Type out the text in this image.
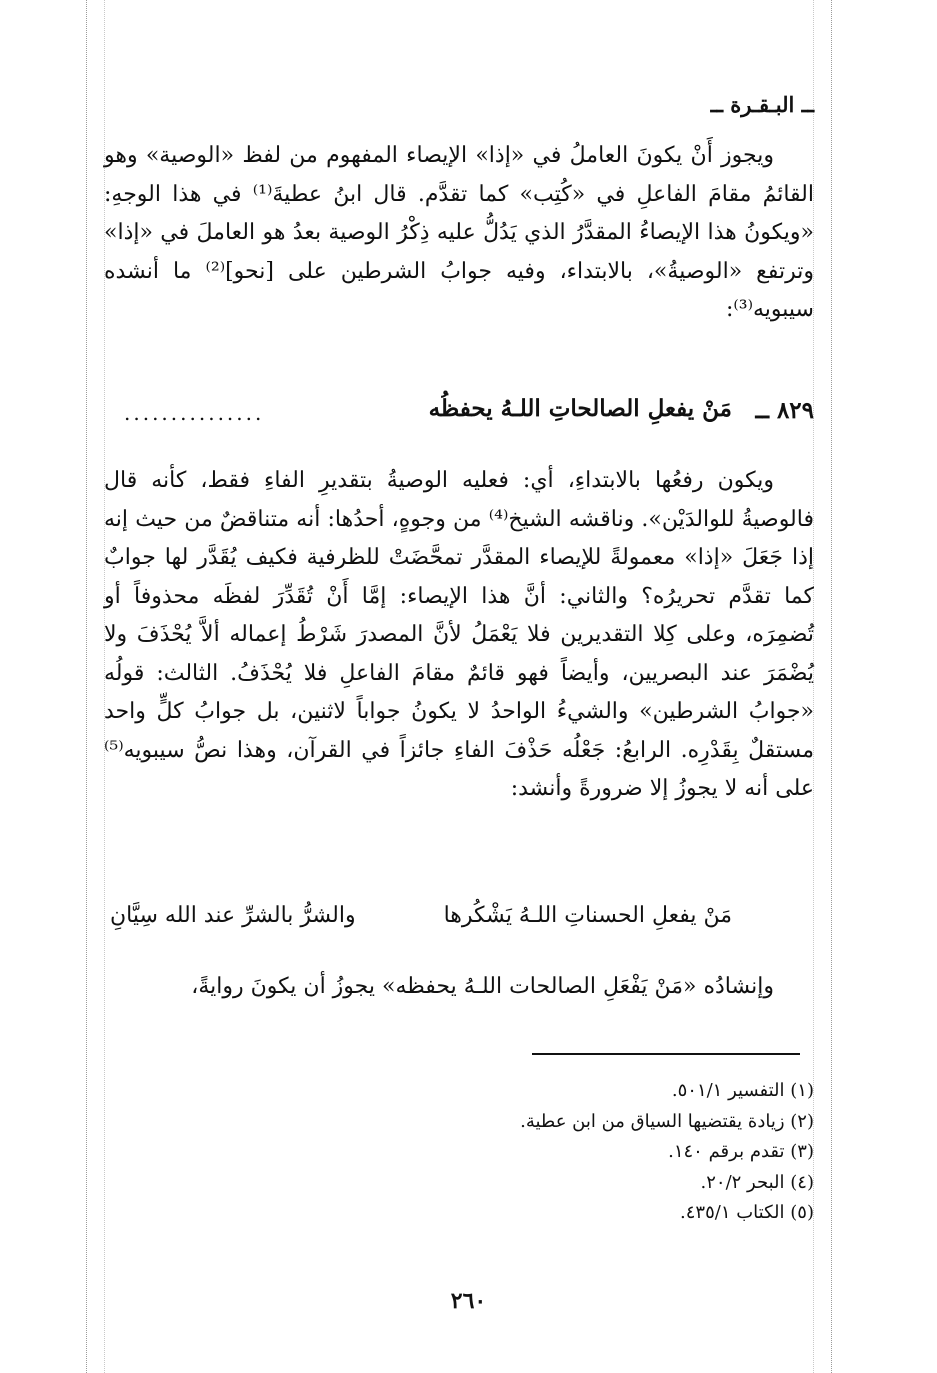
ــ البـقـرة ــ

ويجوز أَنْ يكونَ العاملُ في «إذا» الإيصاء المفهوم من لفظ «الوصية» وهو القائمُ مقامَ الفاعلِ في «كُتِب» كما تقدَّم. قال ابنُ عطيةَ⁽¹⁾ في هذا الوجهِ: «ويكونُ هذا الإيصاءُ المقدَّرُ الذي يَدُلُّ عليه ذِكْرُ الوصية بعدُ هو العاملَ في «إذا» وترتفع «الوصيةُ»، بالابتداء، وفيه جوابُ الشرطين على [نحو]⁽²⁾ ما أنشده سيبويه⁽³⁾:

٨٢٩ ــ
مَنْ يفعلِ الصالحاتِ اللـهُ يحفظُه
...............

ويكون رفعُها بالابتداءِ، أي: فعليه الوصيةُ بتقديرِ الفاءِ فقط، كأنه قال فالوصيةُ للوالدَيْن». وناقشه الشيخ⁽⁴⁾ من وجوهٍ، أحدُها: أنه متناقضٌ من حيث إنه إذا جَعَلَ «إذا» معمولةً للإيصاء المقدَّر تمحَّضَتْ للظرفية فكيف يُقَدَّر لها جوابٌ كما تقدَّم تحريرُه؟ والثاني: أنَّ هذا الإيصاء: إمَّا أَنْ تُقَدِّرَ لفظَه محذوفاً أو تُضمِرَه، وعلى كِلا التقديرين فلا يَعْمَلُ لأنَّ المصدرَ شَرْطُ إعماله ألاَّ يُحْذَفَ ولا يُضْمَرَ عند البصريين، وأيضاً فهو قائمٌ مقامَ الفاعلِ فلا يُحْذَفُ. الثالث: قولُه «جوابُ الشرطين» والشيءُ الواحدُ لا يكونُ جواباً لاثنين، بل جوابُ كلٍّ واحد مستقلٌ بِقَدْرِه. الرابعُ: جَعْلُه حَذْفَ الفاءِ جائزاً في القرآن، وهذا نصُّ سيبويه⁽⁵⁾ على أنه لا يجوزُ إلا ضرورةً وأنشد:

مَنْ يفعلِ الحسناتِ اللـهُ يَشْكُرها
والشرُّ بالشرِّ عند الله سِيَّانِ

وإنشادُه «مَنْ يَفْعَلِ الصالحات اللـهُ يحفظه» يجوزُ أن يكونَ روايةً،

(١) التفسير ٥٠١/١.
(٢) زيادة يقتضيها السياق من ابن عطية.
(٣) تقدم برقم ١٤٠.
(٤) البحر ٢٠/٢.
(٥) الكتاب ٤٣٥/١.
٢٦٠
